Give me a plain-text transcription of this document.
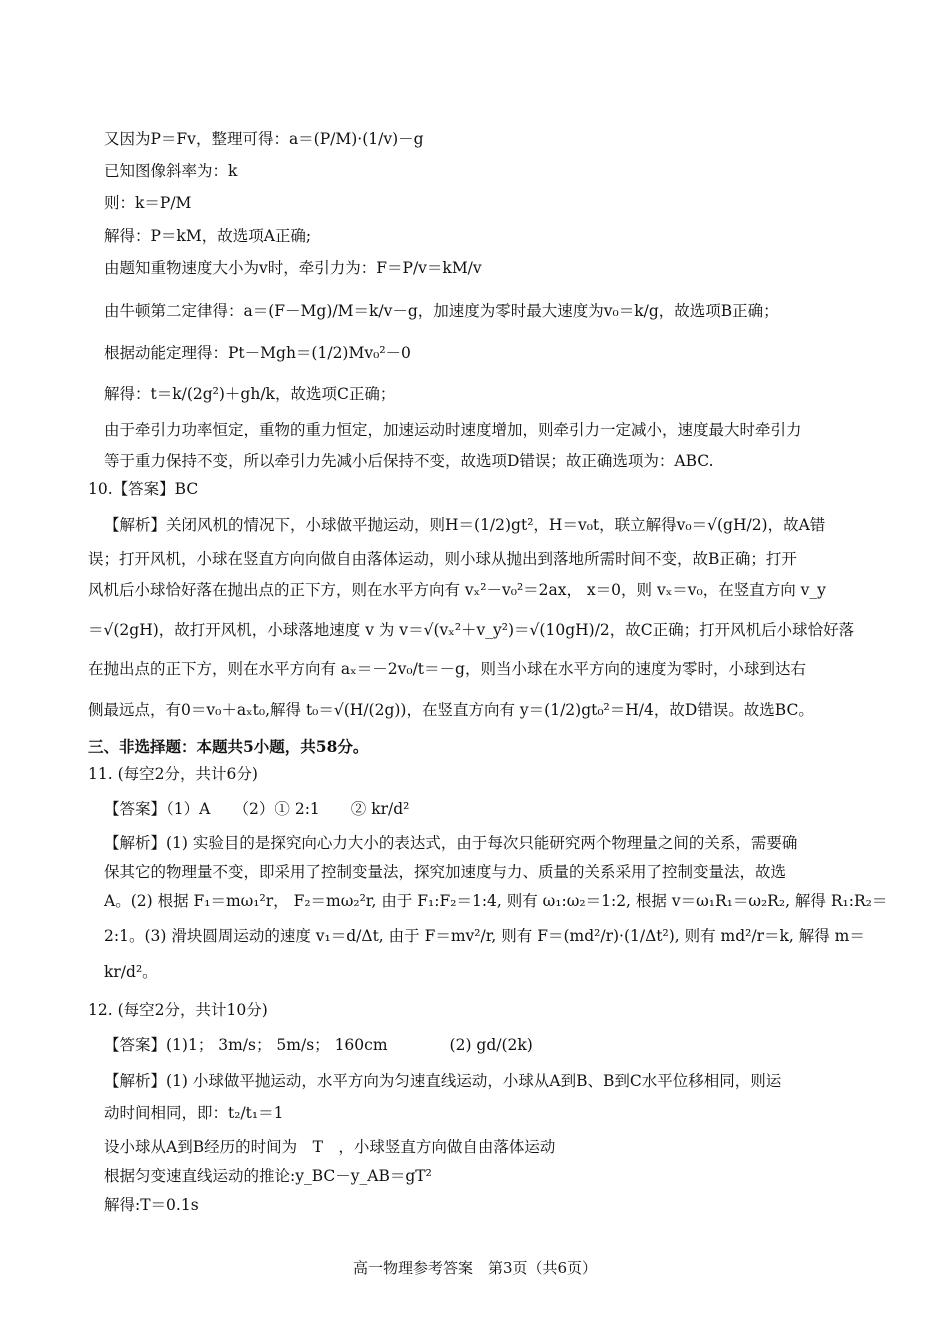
又因为P＝Fv，整理可得：a＝(P/M)·(1/v)－g
已知图像斜率为：k
则：k＝P/M
解得：P＝kM，故选项A正确;
由题知重物速度大小为v时，牵引力为：F＝P/v＝kM/v
由牛顿第二定律得：a＝(F－Mg)/M＝k/v－g，加速度为零时最大速度为v₀＝k/g，故选项B正确；
根据动能定理得：Pt－Mgh＝(1/2)Mv₀²－0
解得：t＝k/(2g²)＋gh/k，故选项C正确；
由于牵引力功率恒定，重物的重力恒定，加速运动时速度增加，则牵引力一定减小，速度最大时牵引力
等于重力保持不变，所以牵引力先减小后保持不变，故选项D错误；故正确选项为：ABC.
10.【答案】BC
【解析】关闭风机的情况下，小球做平抛运动，则H＝(1/2)gt²，H＝v₀t，联立解得v₀＝√(gH/2)，故A错
误；打开风机，小球在竖直方向向做自由落体运动，则小球从抛出到落地所需时间不变，故B正确；打开
风机后小球恰好落在抛出点的正下方，则在水平方向有 vₓ²－v₀²＝2ax， x＝0，则 vₓ＝v₀，在竖直方向 v_y
＝√(2gH)，故打开风机，小球落地速度 v 为 v＝√(vₓ²＋v_y²)＝√(10gH)/2，故C正确；打开风机后小球恰好落
在抛出点的正下方，则在水平方向有 aₓ＝－2v₀/t＝－g，则当小球在水平方向的速度为零时，小球到达右
侧最远点，有0＝v₀＋aₓt₀,解得 t₀＝√(H/(2g))，在竖直方向有 y＝(1/2)gt₀²＝H/4，故D错误。故选BC。
三、非选择题：本题共5小题，共58分。
11. (每空2分，共计6分)
【答案】（1）A　　（2）① 2:1　　② kr/d²
【解析】(1) 实验目的是探究向心力大小的表达式，由于每次只能研究两个物理量之间的关系，需要确
保其它的物理量不变，即采用了控制变量法，探究加速度与力、质量的关系采用了控制变量法，故选
A。(2) 根据 F₁＝mω₁²r， F₂＝mω₂²r, 由于 F₁:F₂＝1:4, 则有 ω₁:ω₂＝1:2, 根据 v＝ω₁R₁＝ω₂R₂, 解得 R₁:R₂＝
2:1。(3) 滑块圆周运动的速度 v₁＝d/Δt, 由于 F＝mv²/r, 则有 F＝(md²/r)·(1/Δt²), 则有 md²/r＝k, 解得 m＝
kr/d²。
12. (每空2分，共计10分)
【答案】(1)1； 3m/s； 5m/s； 160cm　　　　(2) gd/(2k)
【解析】(1) 小球做平抛运动，水平方向为匀速直线运动，小球从A到B、B到C水平位移相同，则运
动时间相同，即：t₂/t₁＝1
设小球从A到B经历的时间为　T　，小球竖直方向做自由落体运动
根据匀变速直线运动的推论:y_BC－y_AB＝gT²
解得:T＝0.1s
高一物理参考答案　第3页（共6页）
